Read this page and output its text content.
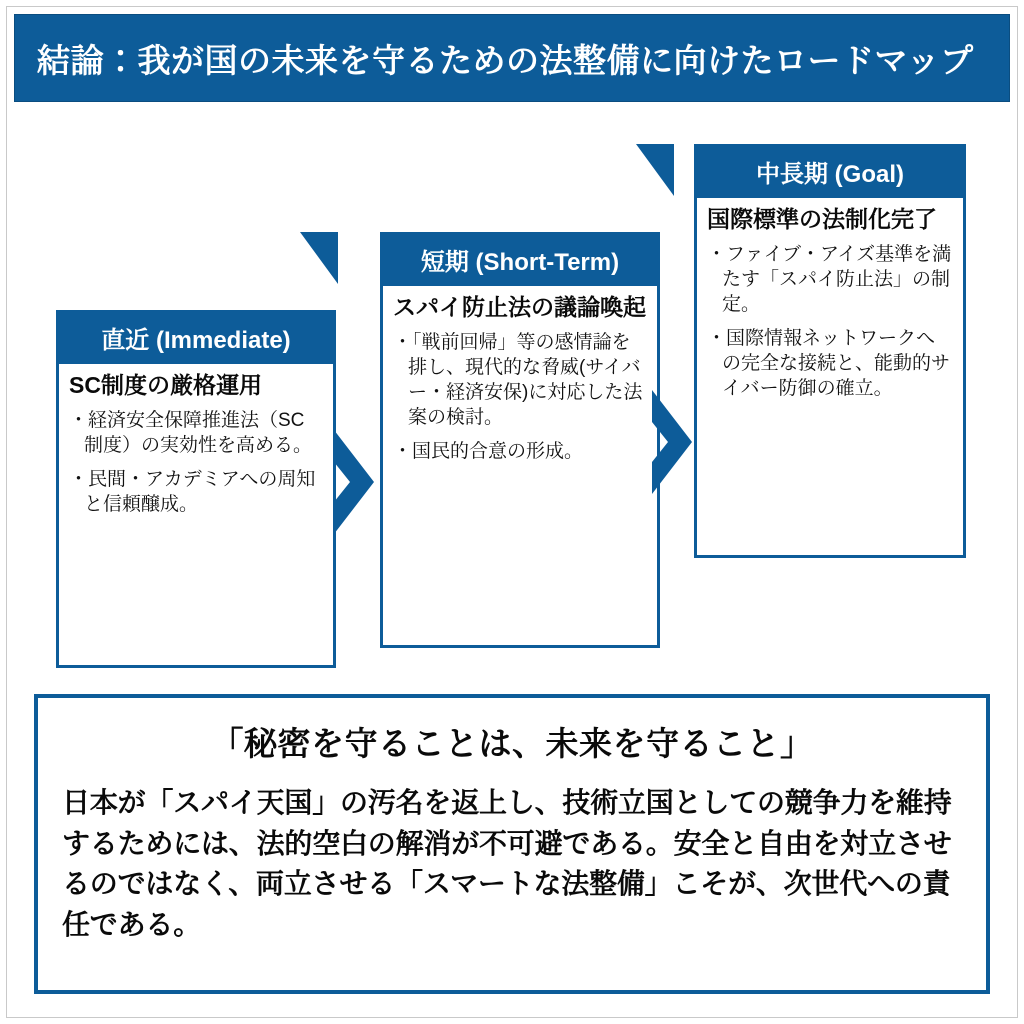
結論：我が国の未来を守るための法整備に向けたロードマップ
直近 (Immediate)
SC制度の厳格運用
・経済安全保障推進法（SC制度）の実効性を高める。
・民間・アカデミアへの周知と信頼醸成。
短期 (Short-Term)
スパイ防止法の議論喚起
・「戦前回帰」等の感情論を排し、現代的な脅威(サイバー・経済安保)に対応した法案の検討。
・国民的合意の形成。
中長期 (Goal)
国際標準の法制化完了
・ファイブ・アイズ基準を満たす「スパイ防止法」の制定。
・国際情報ネットワークへの完全な接続と、能動的サイバー防御の確立。
「秘密を守ることは、未来を守ること」
日本が「スパイ天国」の汚名を返上し、技術立国としての競争力を維持するためには、法的空白の解消が不可避である。安全と自由を対立させるのではなく、両立させる「スマートな法整備」こそが、次世代への責任である。
